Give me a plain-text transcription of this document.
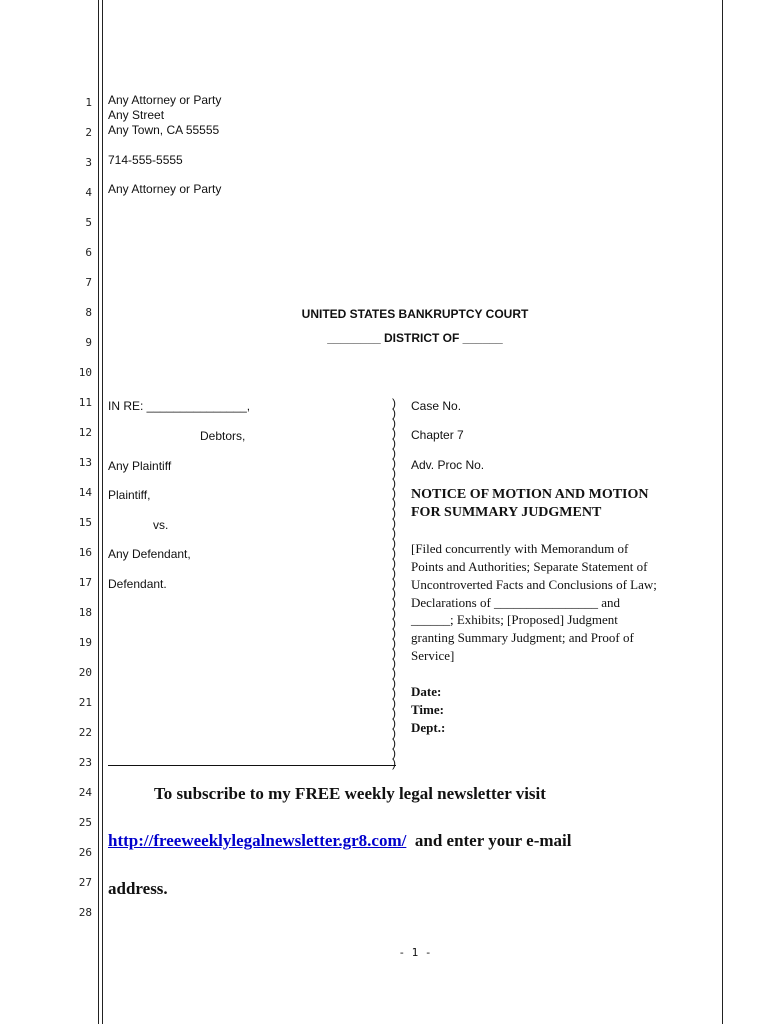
1
2
3
4
5
6
7
8
9
10
11
12
13
14
15
16
17
18
19
20
21
22
23
24
25
26
27
28
Any Attorney or Party
Any Street
Any Town, CA 55555
714-555-5555
Any Attorney or Party
UNITED STATES BANKRUPTCY COURT
________ DISTRICT OF ______
IN RE: _______________,
Debtors,
Any Plaintiff
Plaintiff,
vs.
Any Defendant,
Defendant.
)
)
)
)
)
)
)
)
)
)
)
)
)
)
)
)
)
)
)
)
)
)
)
)
)
)
)
)
)
)
)
)
)
)
)
)
)
Case No.
Chapter 7
Adv. Proc No.
NOTICE OF MOTION AND MOTION
FOR SUMMARY JUDGMENT
[Filed concurrently with Memorandum of
Points and Authorities; Separate Statement of
Uncontroverted Facts and Conclusions of Law;
Declarations of ________________ and
______; Exhibits; [Proposed] Judgment
granting Summary Judgment; and Proof of
Service]
Date:
Time:
Dept.:
To subscribe to my FREE weekly legal newsletter visit
http://freeweeklylegalnewsletter.gr8.com/ and enter your e-mail
address.
- 1 -
